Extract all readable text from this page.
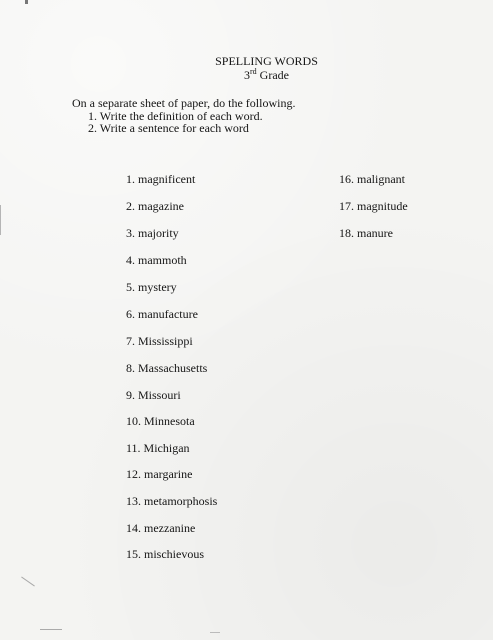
SPELLING WORDS
3rd Grade
On a separate sheet of paper, do the following.
1. Write the definition of each word.
2. Write a sentence for each word
1. magnificent
2. magazine
3. majority
4. mammoth
5. mystery
6. manufacture
7. Mississippi
8. Massachusetts
9. Missouri
10. Minnesota
11. Michigan
12. margarine
13. metamorphosis
14. mezzanine
15. mischievous
16. malignant
17. magnitude
18. manure
